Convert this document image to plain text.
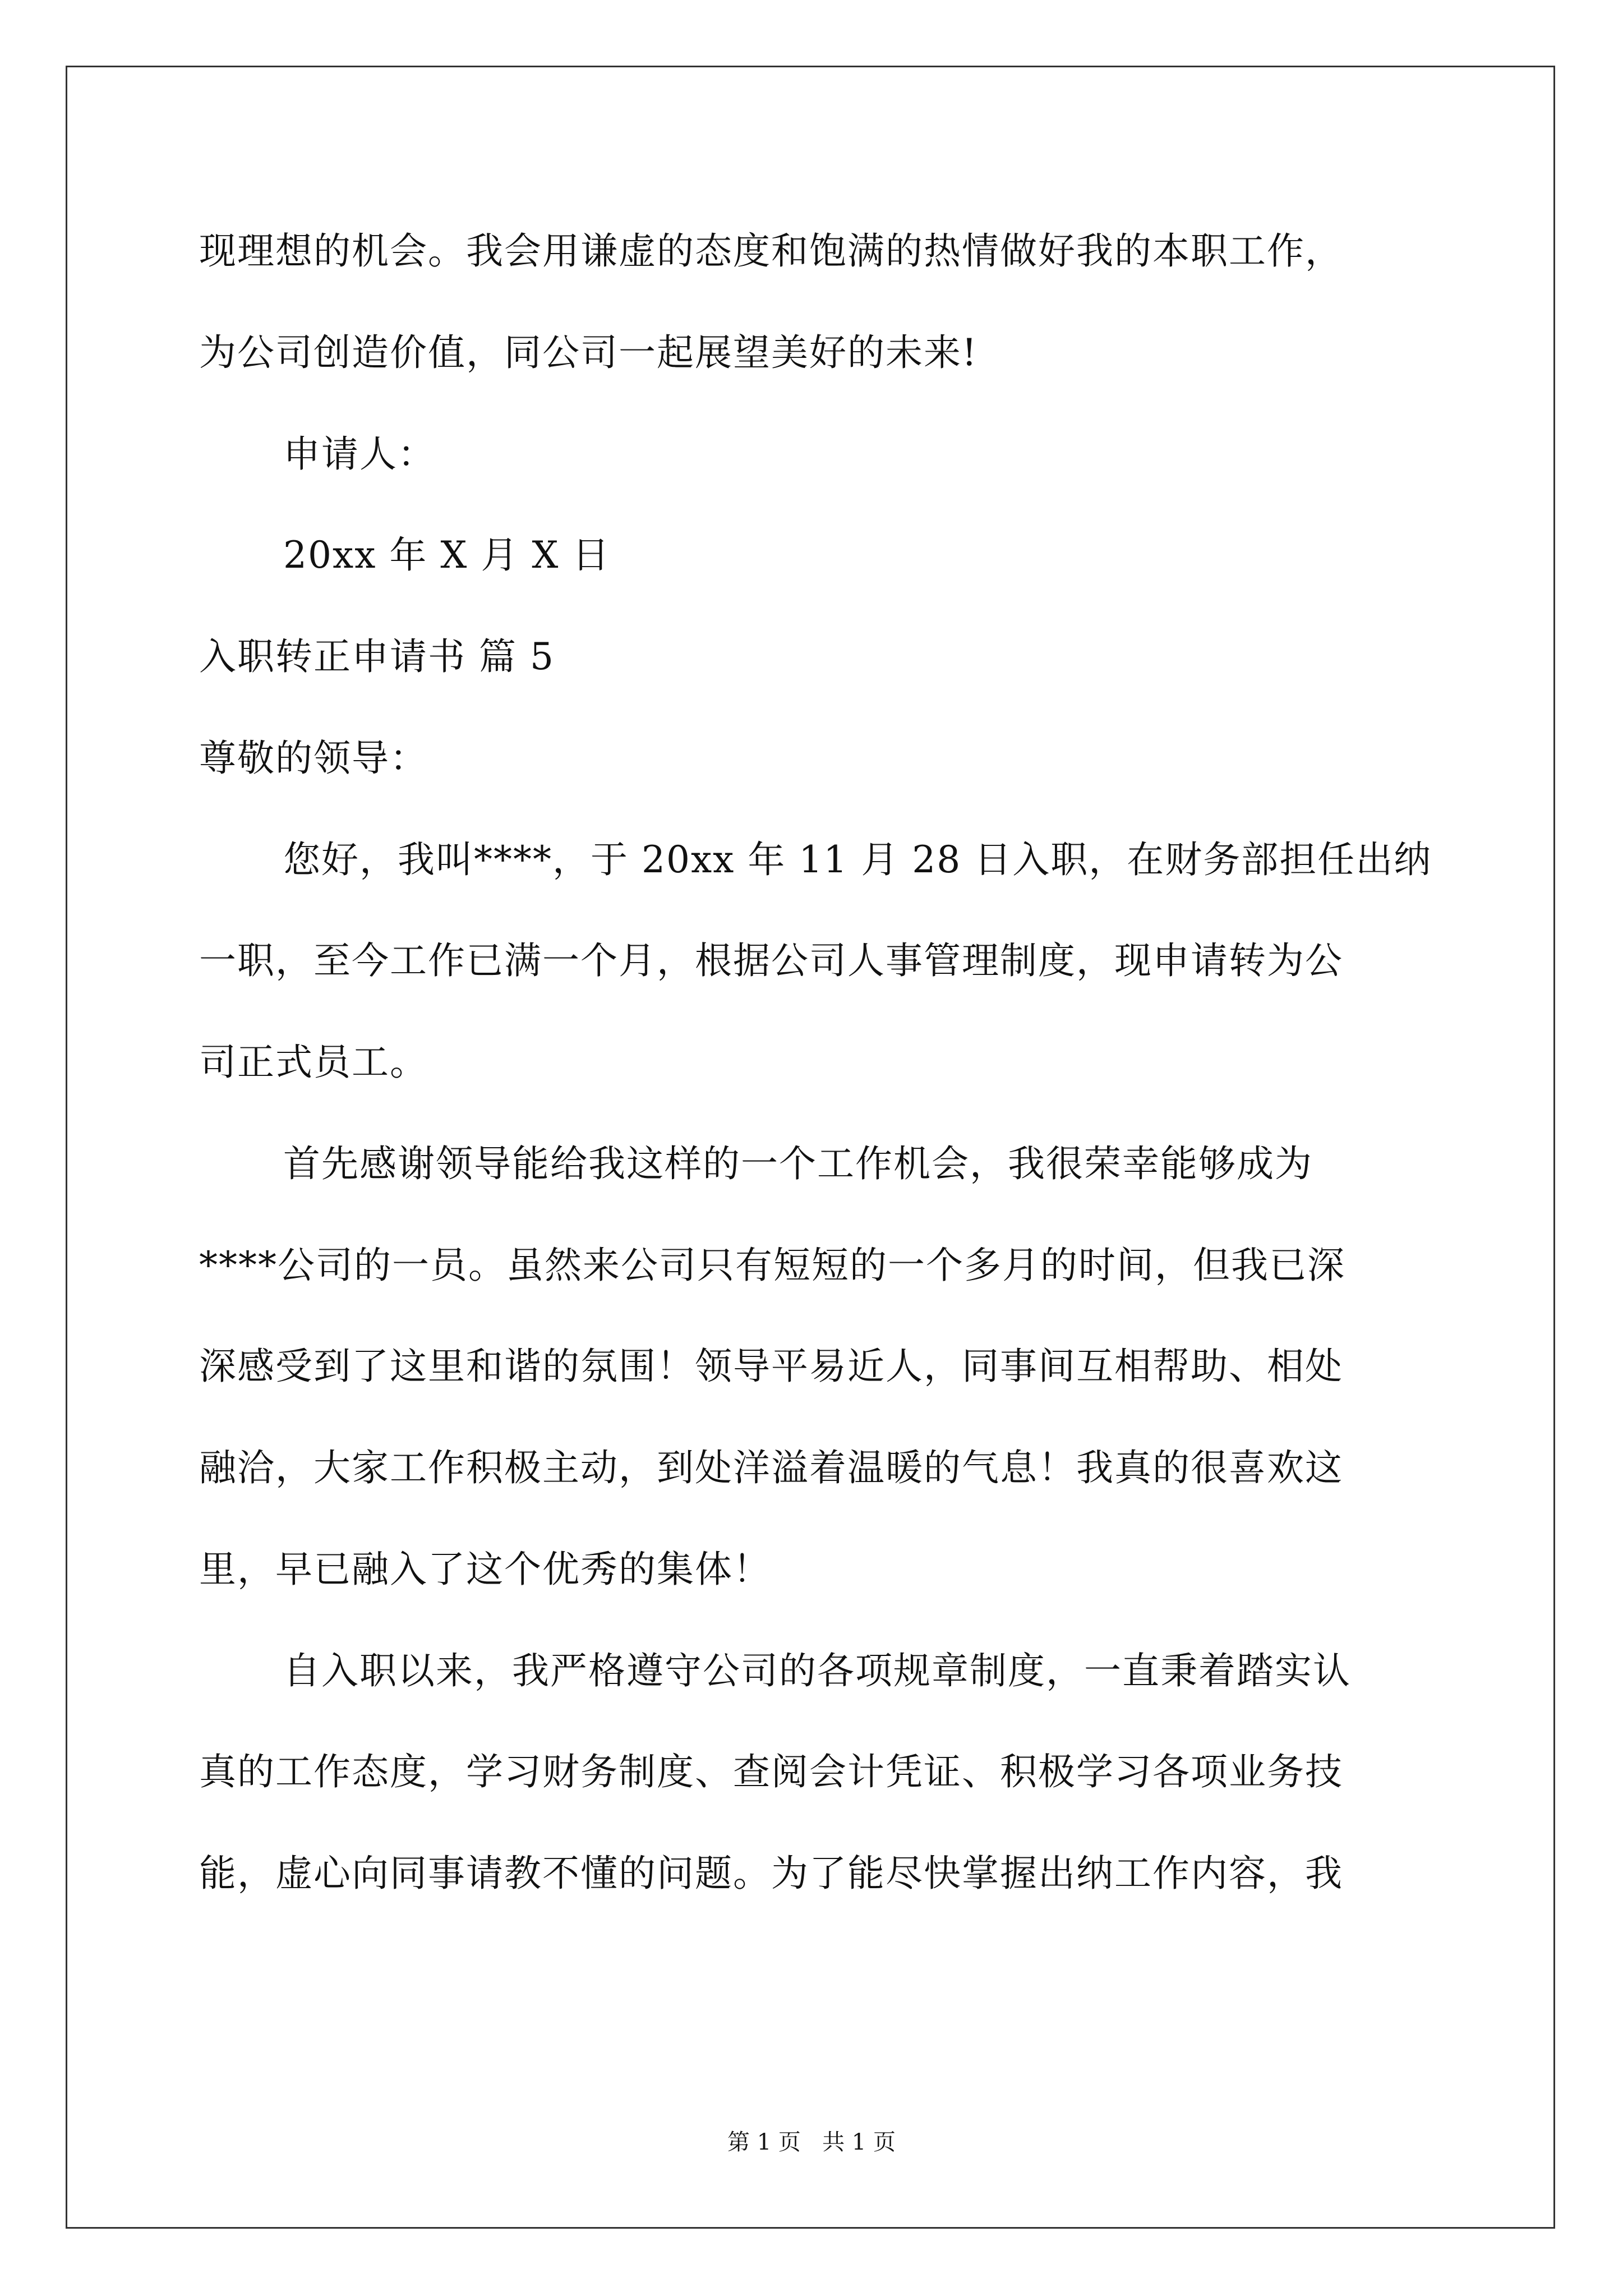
现理想的机会。我会用谦虚的态度和饱满的热情做好我的本职工作，
为公司创造价值，同公司一起展望美好的未来!
申请人：
20xx 年 X 月 X 日
入职转正申请书 篇 5
尊敬的领导：
您好，我叫****，于 20xx 年 11 月 28 日入职，在财务部担任出纳
一职，至今工作已满一个月，根据公司人事管理制度，现申请转为公
司正式员工。
首先感谢领导能给我这样的一个工作机会，我很荣幸能够成为
****公司的一员。虽然来公司只有短短的一个多月的时间，但我已深
深感受到了这里和谐的氛围！领导平易近人，同事间互相帮助、相处
融洽，大家工作积极主动，到处洋溢着温暖的气息！我真的很喜欢这
里，早已融入了这个优秀的集体！
自入职以来，我严格遵守公司的各项规章制度，一直秉着踏实认
真的工作态度，学习财务制度、查阅会计凭证、积极学习各项业务技
能，虚心向同事请教不懂的问题。为了能尽快掌握出纳工作内容，我
第 1 页   共 1 页
